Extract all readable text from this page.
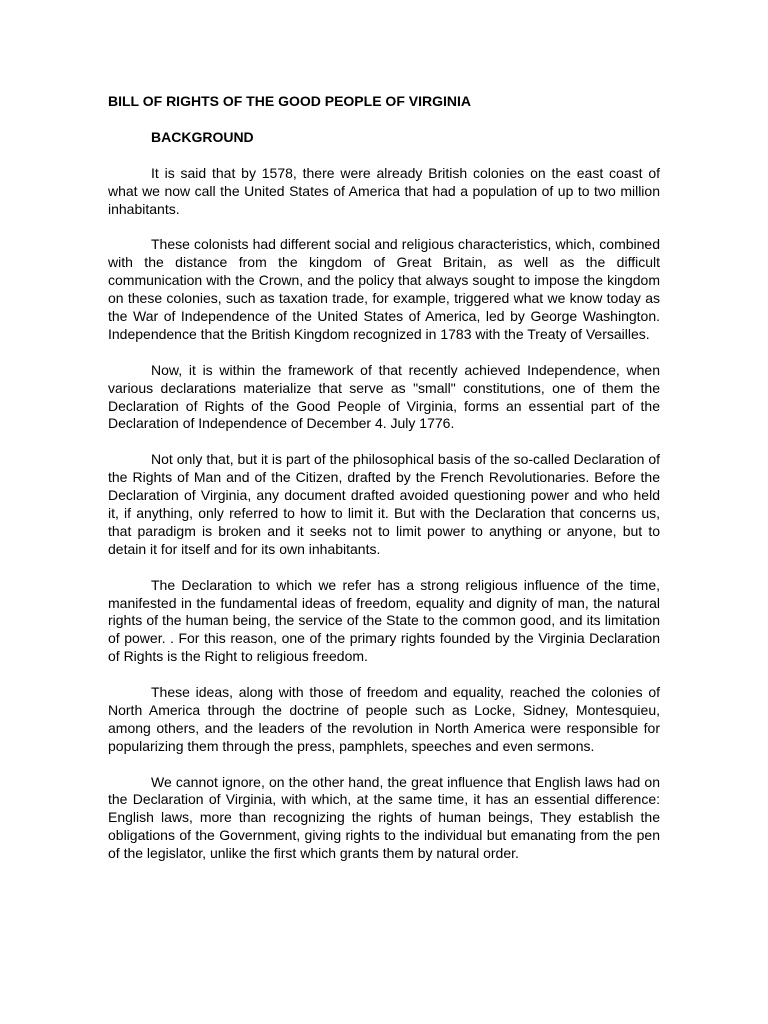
BILL OF RIGHTS OF THE GOOD PEOPLE OF VIRGINIA
BACKGROUND

It is said that by 1578, there were already British colonies on the east coast of what we now call the United States of America that had a population of up to two million inhabitants.

These colonists had different social and religious characteristics, which, combined with the distance from the kingdom of Great Britain, as well as the difficult communication with the Crown, and the policy that always sought to impose the kingdom on these colonies, such as taxation trade, for example, triggered what we know today as the War of Independence of the United States of America, led by George Washington. Independence that the British Kingdom recognized in 1783 with the Treaty of Versailles.

Now, it is within the framework of that recently achieved Independence, when various declarations materialize that serve as "small" constitutions, one of them the Declaration of Rights of the Good People of Virginia, forms an essential part of the Declaration of Independence of December 4. July 1776.

Not only that, but it is part of the philosophical basis of the so-called Declaration of the Rights of Man and of the Citizen, drafted by the French Revolutionaries. Before the Declaration of Virginia, any document drafted avoided questioning power and who held it, if anything, only referred to how to limit it. But with the Declaration that concerns us, that paradigm is broken and it seeks not to limit power to anything or anyone, but to detain it for itself and for its own inhabitants.

The Declaration to which we refer has a strong religious influence of the time, manifested in the fundamental ideas of freedom, equality and dignity of man, the natural rights of the human being, the service of the State to the common good, and its limitation of power. . For this reason, one of the primary rights founded by the Virginia Declaration of Rights is the Right to religious freedom.

These ideas, along with those of freedom and equality, reached the colonies of North America through the doctrine of people such as Locke, Sidney, Montesquieu, among others, and the leaders of the revolution in North America were responsible for popularizing them through the press, pamphlets, speeches and even sermons.

We cannot ignore, on the other hand, the great influence that English laws had on the Declaration of Virginia, with which, at the same time, it has an essential difference: English laws, more than recognizing the rights of human beings, They establish the obligations of the Government, giving rights to the individual but emanating from the pen of the legislator, unlike the first which grants them by natural order.
